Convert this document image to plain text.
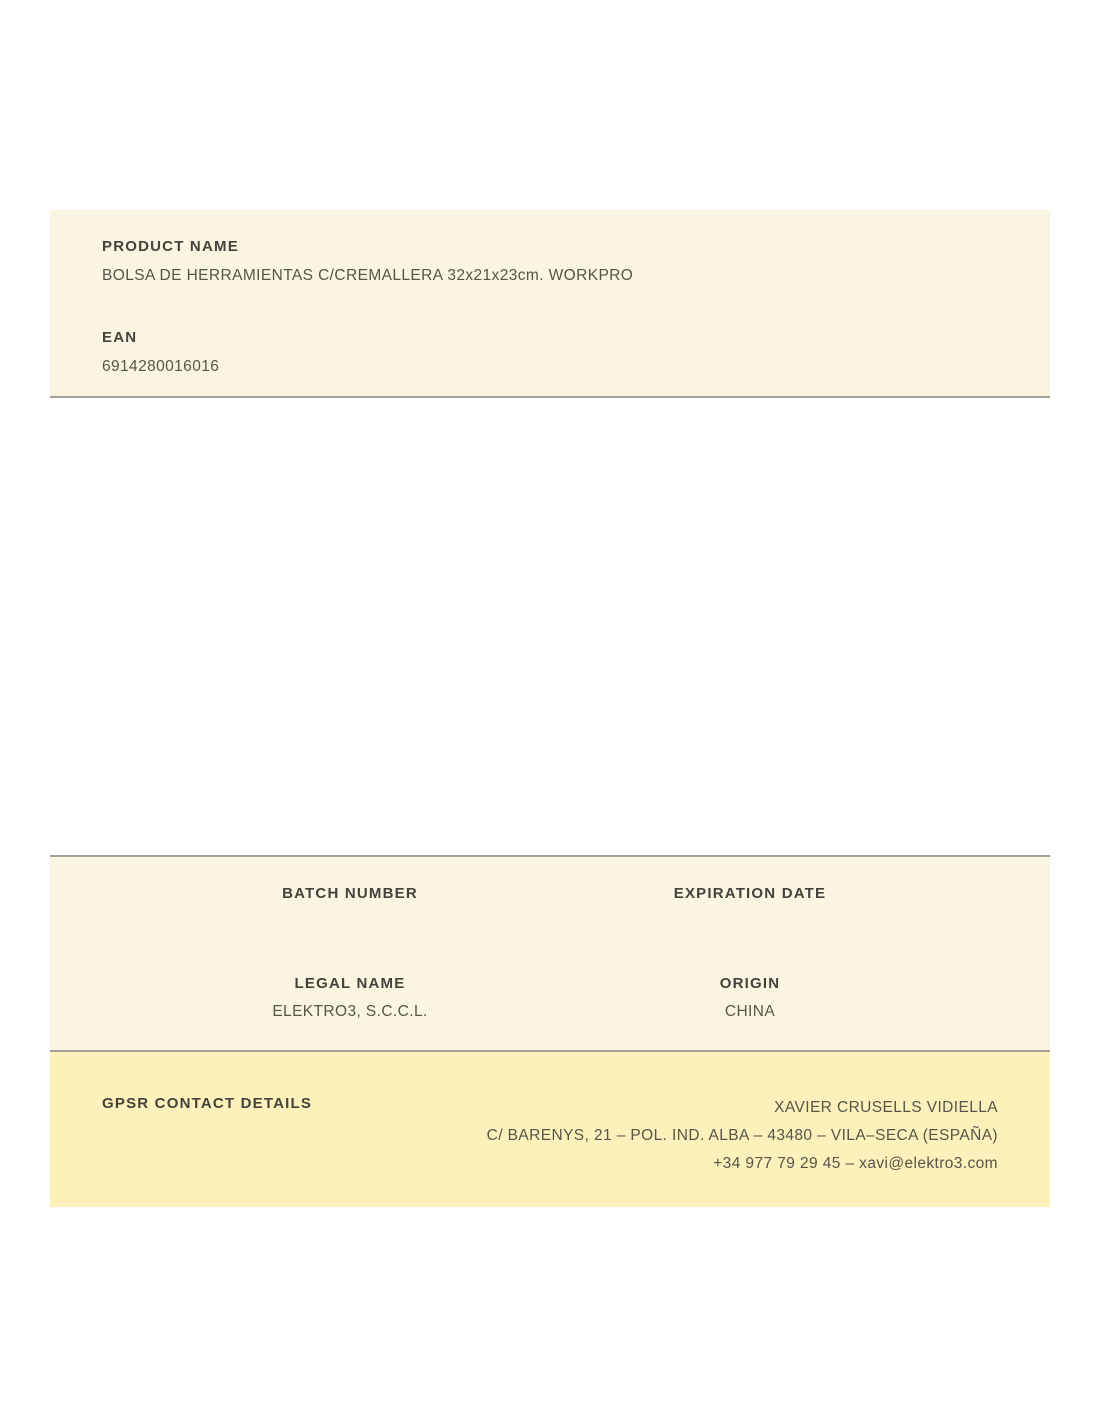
PRODUCT NAME
BOLSA DE HERRAMIENTAS C/CREMALLERA 32x21x23cm. WORKPRO
EAN
6914280016016
BATCH NUMBER	EXPIRATION DATE
LEGAL NAME
ELEKTRO3, S.C.C.L.
ORIGIN
CHINA
GPSR CONTACT DETAILS	XAVIER CRUSELLS VIDIELLA
C/ BARENYS, 21 – POL. IND. ALBA – 43480 – VILA–SECA (ESPAÑA)
+34 977 79 29 45 – xavi@elektro3.com
